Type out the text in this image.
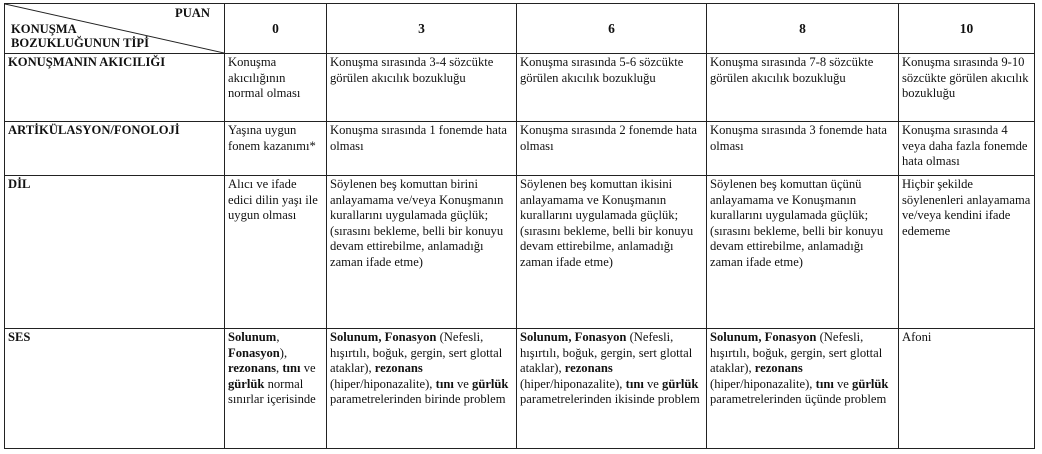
PUAN
KONUŞMA
BOZUKLUĞUNUN TİPİ	0	3	6	8	10
KONUŞMANIN AKICILIĞI	Konuşma akıcılığının normal olması	Konuşma sırasında 3-4 sözcükte görülen akıcılık bozukluğu	Konuşma sırasında 5-6 sözcükte görülen akıcılık bozukluğu	Konuşma sırasında 7-8 sözcükte görülen akıcılık bozukluğu	Konuşma sırasında 9-10 sözcükte görülen akıcılık bozukluğu
ARTİKÜLASYON/FONOLOJİ	Yaşına uygun fonem kazanımı*	Konuşma sırasında 1 fonemde hata olması	Konuşma sırasında 2 fonemde hata olması	Konuşma sırasında 3 fonemde hata olması	Konuşma sırasında 4 veya daha fazla fonemde hata olması
DİL	Alıcı ve ifade edici dilin yaşı ile uygun olması	Söylenen beş komuttan birini anlayamama ve/veya Konuşmanın kurallarını uygulamada güçlük; (sırasını bekleme, belli bir konuyu devam ettirebilme, anlamadığı zaman ifade etme)	Söylenen beş komuttan ikisini anlayamama ve Konuşmanın kurallarını uygulamada güçlük; (sırasını bekleme, belli bir konuyu devam ettirebilme, anlamadığı zaman ifade etme)	Söylenen beş komuttan üçünü anlayamama ve Konuşmanın kurallarını uygulamada güçlük; (sırasını bekleme, belli bir konuyu devam ettirebilme, anlamadığı zaman ifade etme)	Hiçbir şekilde söylenenleri anlayamama ve/veya kendini ifade edememe
SES	Solunum, Fonasyon), rezonans, tını ve gürlük normal sınırlar içerisinde	Solunum, Fonasyon (Nefesli, hışırtılı, boğuk, gergin, sert glottal ataklar), rezonans (hiper/hiponazalite), tını ve gürlük parametrelerinden birinde problem	Solunum, Fonasyon (Nefesli, hışırtılı, boğuk, gergin, sert glottal ataklar), rezonans (hiper/hiponazalite), tını ve gürlük parametrelerinden ikisinde problem	Solunum, Fonasyon (Nefesli, hışırtılı, boğuk, gergin, sert glottal ataklar), rezonans (hiper/hiponazalite), tını ve gürlük parametrelerinden üçünde problem	Afoni
